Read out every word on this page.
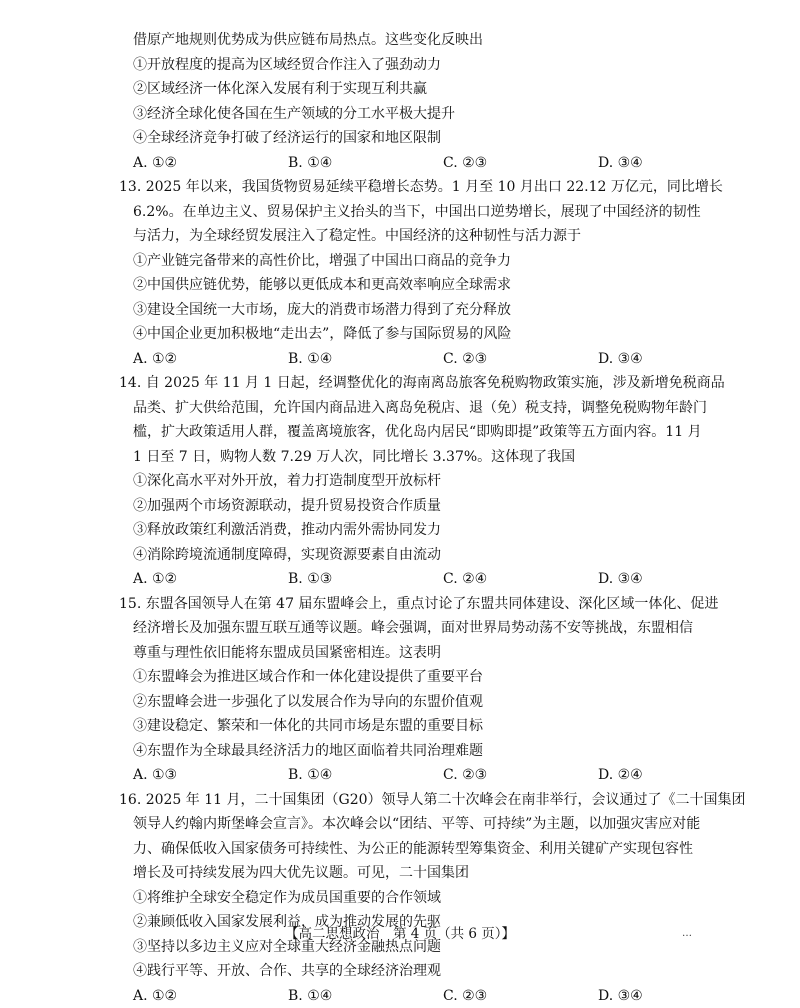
借原产地规则优势成为供应链布局热点。这些变化反映出
①开放程度的提高为区域经贸合作注入了强劲动力
②区域经济一体化深入发展有利于实现互利共赢
③经济全球化使各国在生产领域的分工水平极大提升
④全球经济竞争打破了经济运行的国家和地区限制
A. ①②	B. ①④	C. ②③	D. ③④
13. 2025 年以来，我国货物贸易延续平稳增长态势。1 月至 10 月出口 22.12 万亿元，同比增长
6.2%。在单边主义、贸易保护主义抬头的当下，中国出口逆势增长，展现了中国经济的韧性
与活力，为全球经贸发展注入了稳定性。中国经济的这种韧性与活力源于
①产业链完备带来的高性价比，增强了中国出口商品的竞争力
②中国供应链优势，能够以更低成本和更高效率响应全球需求
③建设全国统一大市场，庞大的消费市场潜力得到了充分释放
④中国企业更加积极地“走出去”，降低了参与国际贸易的风险
A. ①②	B. ①④	C. ②③	D. ③④
14. 自 2025 年 11 月 1 日起，经调整优化的海南离岛旅客免税购物政策实施，涉及新增免税商品
品类、扩大供给范围，允许国内商品进入离岛免税店、退（免）税支持，调整免税购物年龄门
槛，扩大政策适用人群，覆盖离境旅客，优化岛内居民“即购即提”政策等五方面内容。11 月
1 日至 7 日，购物人数 7.29 万人次，同比增长 3.37%。这体现了我国
①深化高水平对外开放，着力打造制度型开放标杆
②加强两个市场资源联动，提升贸易投资合作质量
③释放政策红利激活消费，推动内需外需协同发力
④消除跨境流通制度障碍，实现资源要素自由流动
A. ①②	B. ①③	C. ②④	D. ③④
15. 东盟各国领导人在第 47 届东盟峰会上，重点讨论了东盟共同体建设、深化区域一体化、促进
经济增长及加强东盟互联互通等议题。峰会强调，面对世界局势动荡不安等挑战，东盟相信
尊重与理性依旧能将东盟成员国紧密相连。这表明
①东盟峰会为推进区域合作和一体化建设提供了重要平台
②东盟峰会进一步强化了以发展合作为导向的东盟价值观
③建设稳定、繁荣和一体化的共同市场是东盟的重要目标
④东盟作为全球最具经济活力的地区面临着共同治理难题
A. ①③	B. ①④	C. ②③	D. ②④
16. 2025 年 11 月，二十国集团（G20）领导人第二十次峰会在南非举行，会议通过了《二十国集团
领导人约翰内斯堡峰会宣言》。本次峰会以“团结、平等、可持续”为主题，以加强灾害应对能
力、确保低收入国家债务可持续性、为公正的能源转型筹集资金、利用关键矿产实现包容性
增长及可持续发展为四大优先议题。可见，二十国集团
①将维护全球安全稳定作为成员国重要的合作领域
②兼顾低收入国家发展利益，成为推动发展的先驱
③坚持以多边主义应对全球重大经济金融热点问题
④践行平等、开放、合作、共享的全球经济治理观
A. ①②	B. ①④	C. ②③	D. ③④
【高二思想政治　第 4 页（共 6 页）】	…
